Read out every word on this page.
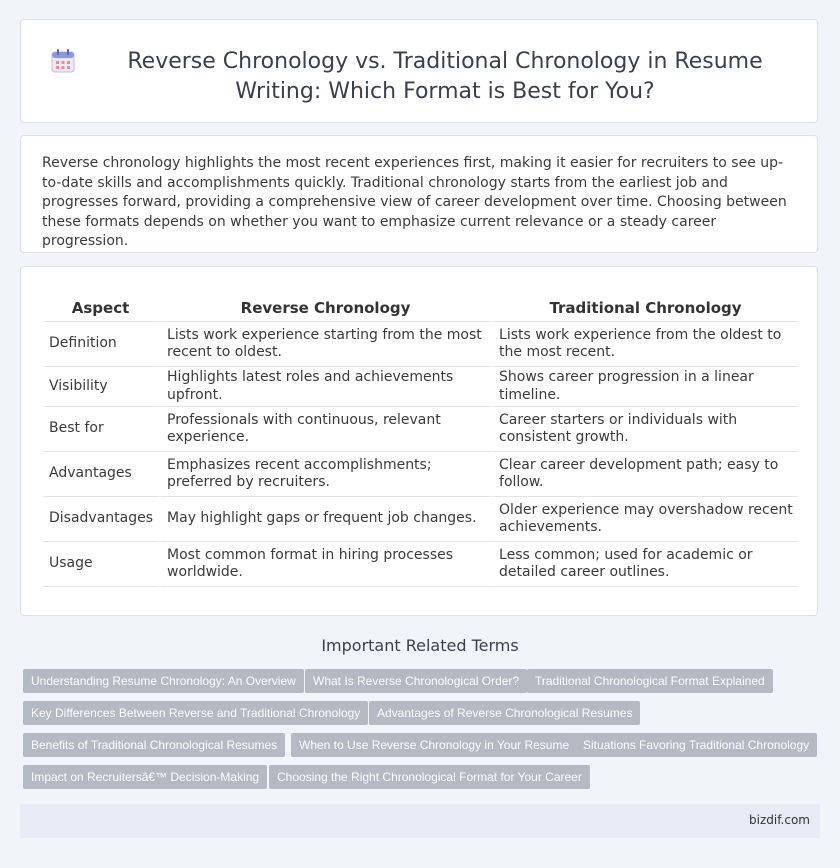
Reverse Chronology vs. Traditional Chronology in Resume Writing: Which Format is Best for You?
Reverse chronology highlights the most recent experiences first, making it easier for recruiters to see up-to-date skills and accomplishments quickly. Traditional chronology starts from the earliest job and progresses forward, providing a comprehensive view of career development over time. Choosing between these formats depends on whether you want to emphasize current relevance or a steady career progression.
Aspect	Reverse Chronology	Traditional Chronology
Definition	Lists work experience starting from the most recent to oldest.	Lists work experience from the oldest to the most recent.
Visibility	Highlights latest roles and achievements upfront.	Shows career progression in a linear timeline.
Best for	Professionals with continuous, relevant experience.	Career starters or individuals with consistent growth.
Advantages	Emphasizes recent accomplishments; preferred by recruiters.	Clear career development path; easy to follow.
Disadvantages	May highlight gaps or frequent job changes.	Older experience may overshadow recent achievements.
Usage	Most common format in hiring processes worldwide.	Less common; used for academic or detailed career outlines.
Important Related Terms
Understanding Resume Chronology: An Overview	What Is Reverse Chronological Order?	Traditional Chronological Format Explained
Key Differences Between Reverse and Traditional Chronology	Advantages of Reverse Chronological Resumes
Benefits of Traditional Chronological Resumes	When to Use Reverse Chronology in Your Resume	Situations Favoring Traditional Chronology
Impact on Recruitersâ€™ Decision-Making	Choosing the Right Chronological Format for Your Career
bizdif.com
